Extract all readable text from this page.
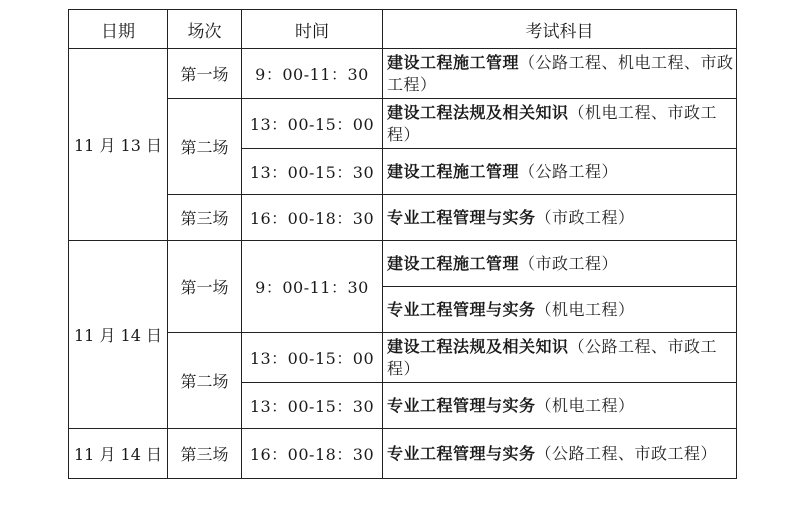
日期	场次	时间	考试科目
11 月 13 日	第一场	9：00-11：30	建设工程施工管理（公路工程、机电工程、市政工程）
	第二场	13：00-15：00	建设工程法规及相关知识（机电工程、市政工程）
		13：00-15：30	建设工程施工管理（公路工程）
	第三场	16：00-18：30	专业工程管理与实务（市政工程）
11 月 14 日	第一场	9：00-11：30	建设工程施工管理（市政工程）
			专业工程管理与实务（机电工程）
	第二场	13：00-15：00	建设工程法规及相关知识（公路工程、市政工程）
		13：00-15：30	专业工程管理与实务（机电工程）
11 月 14 日	第三场	16：00-18：30	专业工程管理与实务（公路工程、市政工程）
